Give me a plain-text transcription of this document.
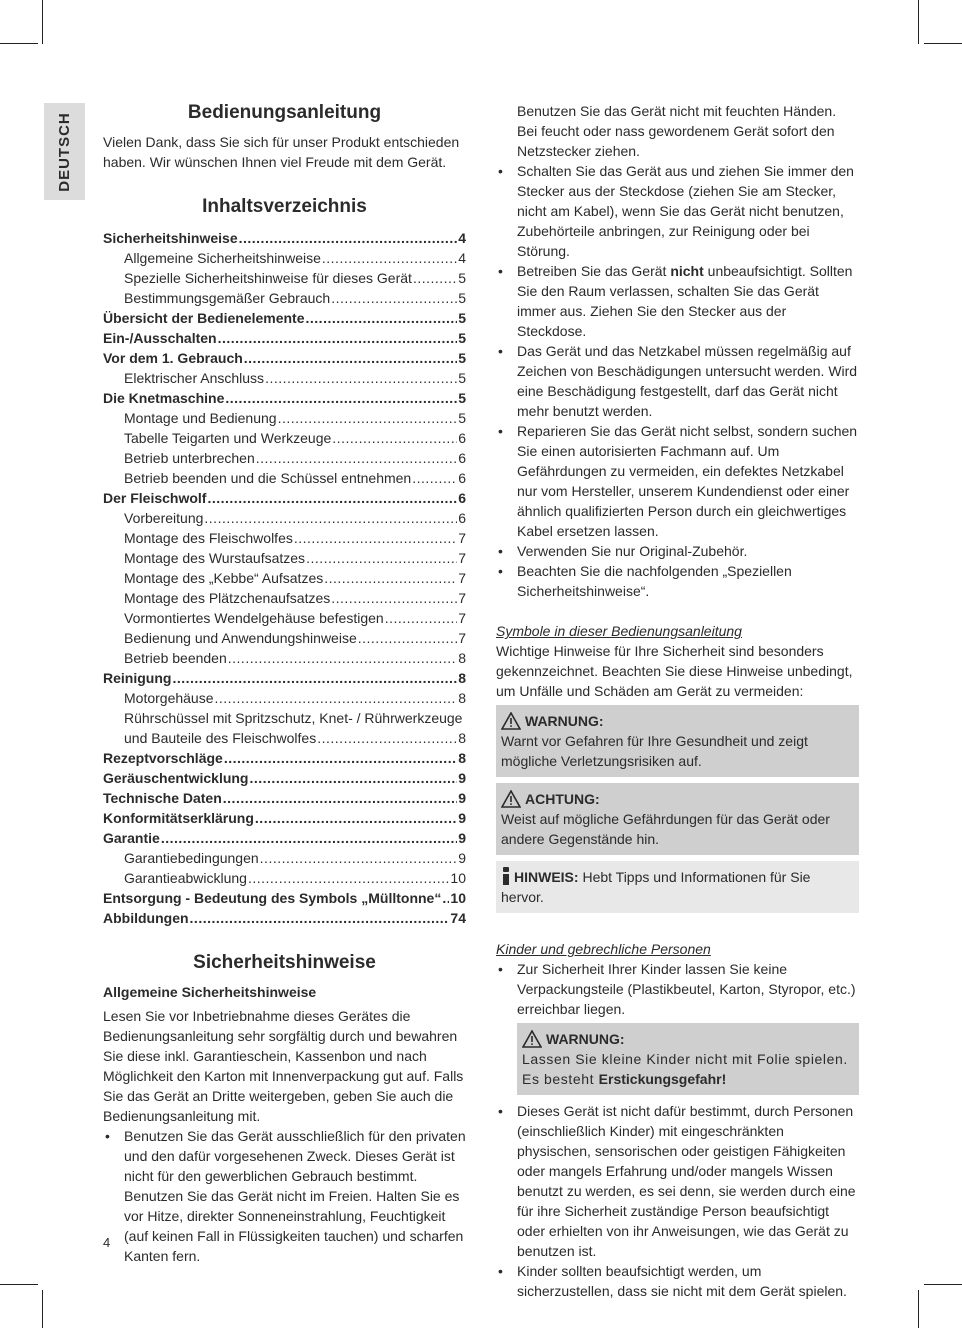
DEUTSCH	Bedienungsanleitung

Vielen Dank, dass Sie sich für unser Produkt entschieden haben. Wir wünschen Ihnen viel Freude mit dem Gerät.

Inhaltsverzeichnis
Sicherheitshinweise .....	4
Allgemeine Sicherheitshinweise .....	4
Spezielle Sicherheitshinweise für dieses Gerät .....	5
Bestimmungsgemäßer Gebrauch .....	5
Übersicht der Bedienelemente .....	5
Ein-/Ausschalten .....	5
Vor dem 1. Gebrauch .....	5
Elektrischer Anschluss .....	5
Die Knetmaschine .....	5
Montage und Bedienung .....	5
Tabelle Teigarten und Werkzeuge .....	6
Betrieb unterbrechen .....	6
Betrieb beenden und die Schüssel entnehmen .....	6
Der Fleischwolf .....	6
Vorbereitung .....	6
Montage des Fleischwolfes .....	7
Montage des Wurstaufsatzes .....	7
Montage des „Kebbe“ Aufsatzes .....	7
Montage des Plätzchenaufsatzes .....	7
Vormontiertes Wendelgehäuse befestigen .....	7
Bedienung und Anwendungshinweise .....	7
Betrieb beenden .....	8
Reinigung .....	8
Motorgehäuse .....	8
Rührschüssel mit Spritzschutz, Knet- / Rührwerkzeuge
und Bauteile des Fleischwolfes .....	8
Rezeptvorschläge .....	8
Geräuschentwicklung .....	9
Technische Daten .....	9
Konformitätserklärung .....	9
Garantie .....	9
Garantiebedingungen .....	9
Garantieabwicklung .....	10
Entsorgung - Bedeutung des Symbols „Mülltonne“ ..... 10
Abbildungen .....	74
Sicherheitshinweise
Allgemeine Sicherheitshinweise

Lesen Sie vor Inbetriebnahme dieses Gerätes die Bedienungsanleitung sehr sorgfältig durch und bewahren Sie diese inkl. Garantieschein, Kassenbon und nach Möglichkeit den Karton mit Innenverpackung gut auf. Falls Sie das Gerät an Dritte weitergeben, geben Sie auch die Bedienungsanleitung mit.

• Benutzen Sie das Gerät ausschließlich für den privaten und den dafür vorgesehenen Zweck. Dieses Gerät ist nicht für den gewerblichen Gebrauch bestimmt.
Benutzen Sie das Gerät nicht im Freien. Halten Sie es vor Hitze, direkter Sonneneinstrahlung, Feuchtigkeit (auf keinen Fall in Flüssigkeiten tauchen) und scharfen Kanten fern.

Benutzen Sie das Gerät nicht mit feuchten Händen. Bei feucht oder nass gewordenem Gerät sofort den Netzstecker ziehen.

• Schalten Sie das Gerät aus und ziehen Sie immer den Stecker aus der Steckdose (ziehen Sie am Stecker, nicht am Kabel), wenn Sie das Gerät nicht benutzen, Zubehörteile anbringen, zur Reinigung oder bei Störung.
• Betreiben Sie das Gerät nicht unbeaufsichtigt. Sollten Sie den Raum verlassen, schalten Sie das Gerät immer aus. Ziehen Sie den Stecker aus der Steckdose.
• Das Gerät und das Netzkabel müssen regelmäßig auf Zeichen von Beschädigungen untersucht werden. Wird eine Beschädigung festgestellt, darf das Gerät nicht mehr benutzt werden.
• Reparieren Sie das Gerät nicht selbst, sondern suchen Sie einen autorisierten Fachmann auf. Um Gefährdungen zu vermeiden, ein defektes Netzkabel nur vom Hersteller, unserem Kundendienst oder einer ähnlich qualifizierten Person durch ein gleichwertiges Kabel ersetzen lassen.
• Verwenden Sie nur Original-Zubehör.
• Beachten Sie die nachfolgenden „Speziellen Sicherheitshinweise“.

Symbole in dieser Bedienungsanleitung

Wichtige Hinweise für Ihre Sicherheit sind besonders gekennzeichnet. Beachten Sie diese Hinweise unbedingt, um Unfälle und Schäden am Gerät zu vermeiden:

WARNUNG:

Warnt vor Gefahren für Ihre Gesundheit und zeigt mögliche Verletzungsrisiken auf.

ACHTUNG:

Weist auf mögliche Gefährdungen für das Gerät oder andere Gegenstände hin.

HINWEIS: Hebt Tipps und Informationen für Sie hervor.

Kinder und gebrechliche Personen

• Zur Sicherheit Ihrer Kinder lassen Sie keine Verpackungsteile (Plastikbeutel, Karton, Styropor, etc.) erreichbar liegen.
WARNUNG:

Lassen Sie kleine Kinder nicht mit Folie spielen. Es besteht Erstickungsgefahr!

• Dieses Gerät ist nicht dafür bestimmt, durch Personen (einschließlich Kinder) mit eingeschränkten physischen, sensorischen oder geistigen Fähigkeiten oder mangels Erfahrung und/oder mangels Wissen benutzt zu werden, es sei denn, sie werden durch eine für ihre Sicherheit zuständige Person beaufsichtigt oder erhielten von ihr Anweisungen, wie das Gerät zu benutzen ist.
• Kinder sollten beaufsichtigt werden, um sicherzustellen, dass sie nicht mit dem Gerät spielen.
4
